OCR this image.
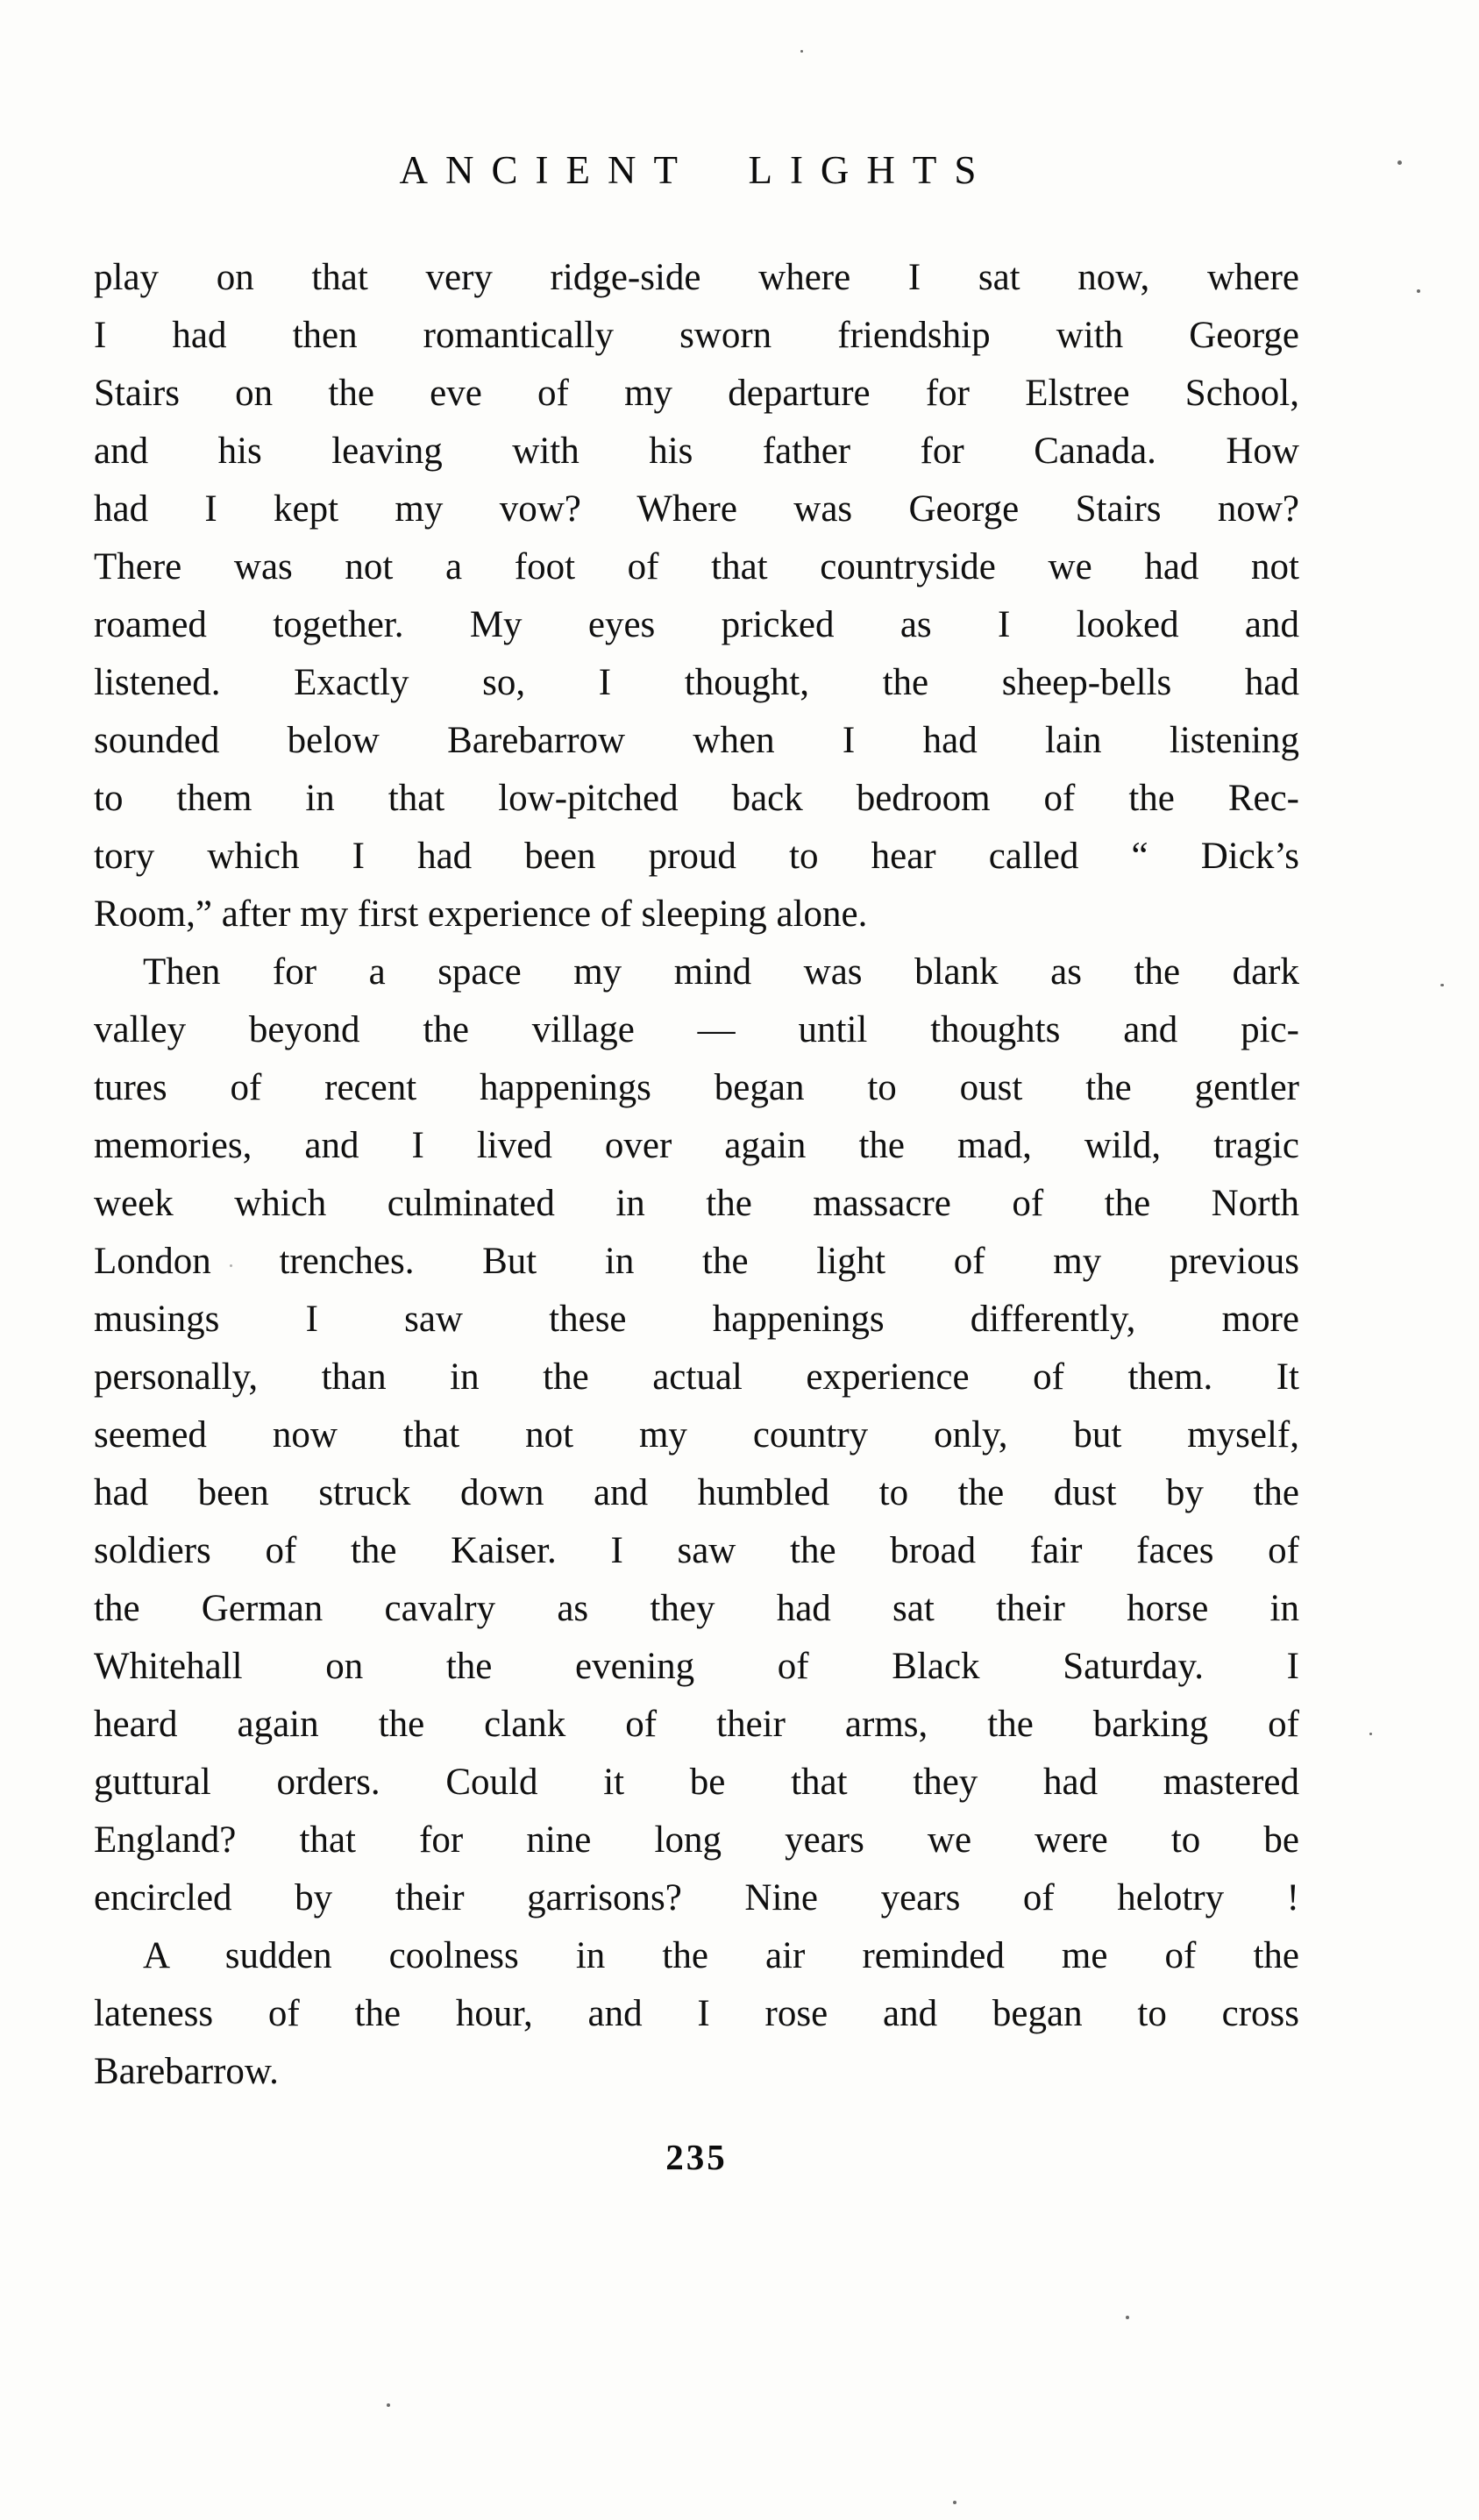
ANCIENT LIGHTS
play on that very ridge-side where I sat now, where
I had then romantically sworn friendship with George
Stairs on the eve of my departure for Elstree School,
and his leaving with his father for Canada. How
had I kept my vow? Where was George Stairs now?
There was not a foot of that countryside we had not
roamed together. My eyes pricked as I looked and
listened. Exactly so, I thought, the sheep-bells had
sounded below Barebarrow when I had lain listening
to them in that low-pitched back bedroom of the Rec-
tory which I had been proud to hear called “ Dick’s
Room,” after my first experience of sleeping alone.
Then for a space my mind was blank as the dark
valley beyond the village — until thoughts and pic-
tures of recent happenings began to oust the gentler
memories, and I lived over again the mad, wild, tragic
week which culminated in the massacre of the North
London trenches. But in the light of my previous
musings I saw these happenings differently, more
personally, than in the actual experience of them. It
seemed now that not my country only, but myself,
had been struck down and humbled to the dust by the
soldiers of the Kaiser. I saw the broad fair faces of
the German cavalry as they had sat their horse in
Whitehall on the evening of Black Saturday. I
heard again the clank of their arms, the barking of
guttural orders. Could it be that they had mastered
England? that for nine long years we were to be
encircled by their garrisons? Nine years of helotry !
A sudden coolness in the air reminded me of the
lateness of the hour, and I rose and began to cross
Barebarrow.
235
